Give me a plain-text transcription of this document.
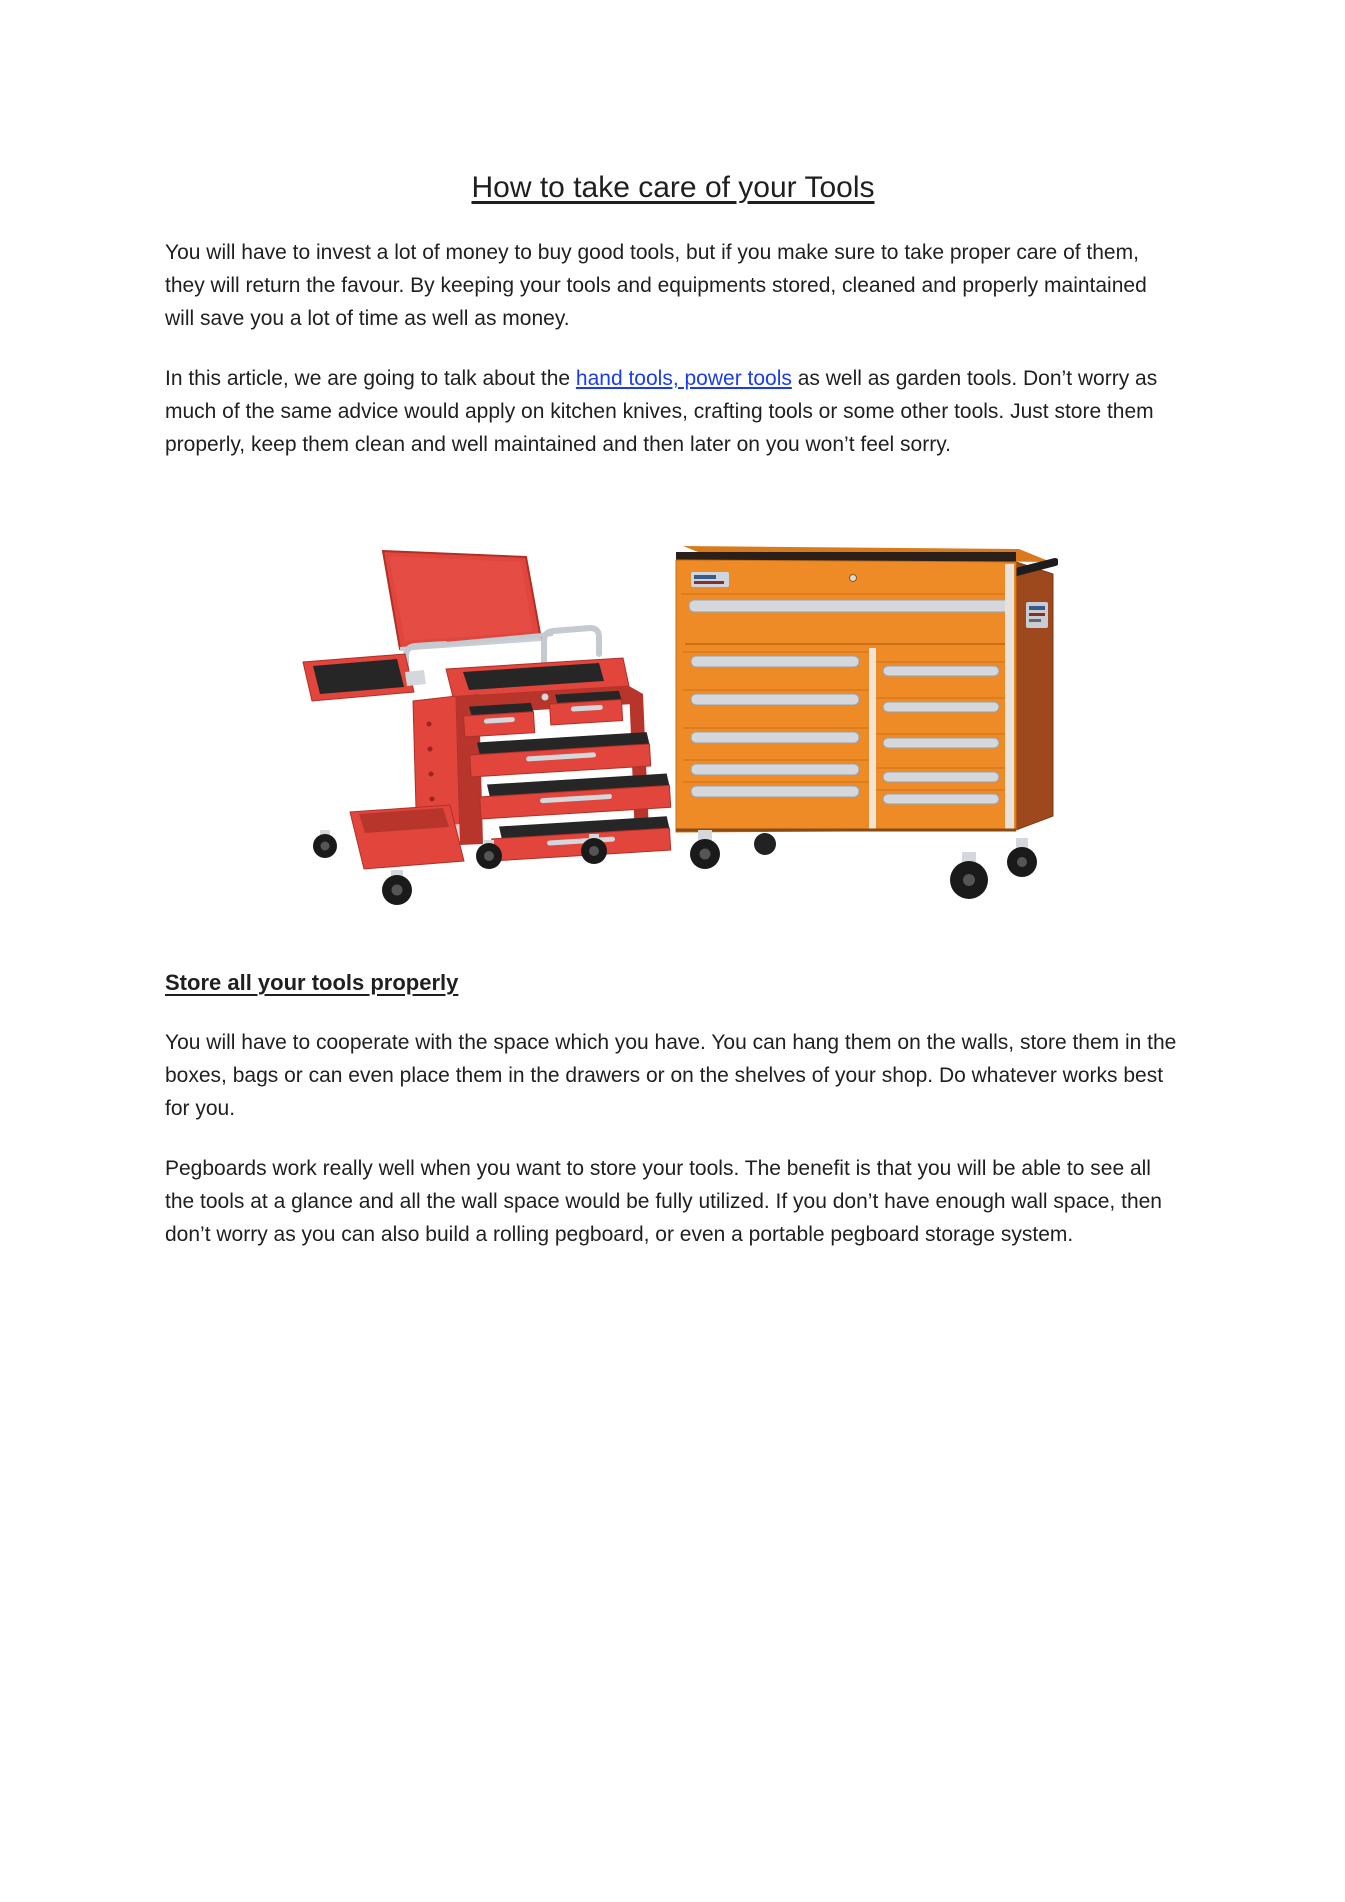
How to take care of your Tools

You will have to invest a lot of money to buy good tools, but if you make sure to take proper care of them, they will return the favour. By keeping your tools and equipments stored, cleaned and properly maintained will save you a lot of time as well as money.

In this article, we are going to talk about the hand tools, power tools as well as garden tools. Don’t worry as much of the same advice would apply on kitchen knives, crafting tools or some other tools. Just store them properly, keep them clean and well maintained and then later on you won’t feel sorry.

Store all your tools properly

You will have to cooperate with the space which you have. You can hang them on the walls, store them in the boxes, bags or can even place them in the drawers or on the shelves of your shop. Do whatever works best for you.

Pegboards work really well when you want to store your tools. The benefit is that you will be able to see all the tools at a glance and all the wall space would be fully utilized. If you don’t have enough wall space, then don’t worry as you can also build a rolling pegboard, or even a portable pegboard storage system.
